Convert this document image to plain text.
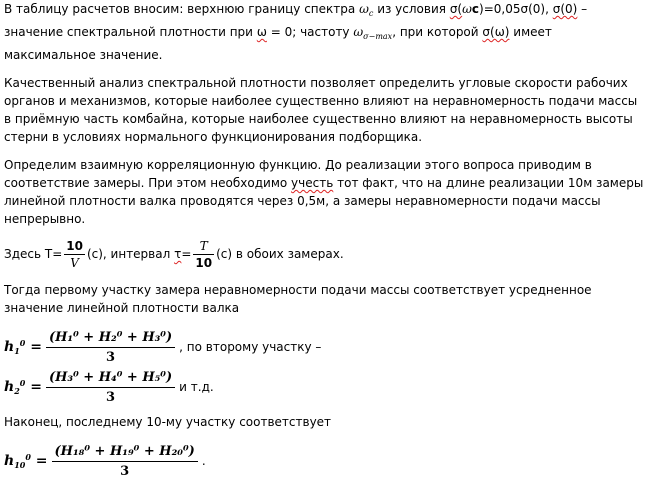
В таблицу расчетов вносим: верхнюю границу спектра $\omega_c$ из условия σ(ωc)=0,05σ(0), σ(0) – значение спектральной плотности при ω = 0; частоту $\omega_{\sigma-max}$, при которой σ(ω) имеет максимальное значение.

Качественный анализ спектральной плотности позволяет определить угловые скорости рабочих органов и механизмов, которые наиболее существенно влияют на неравномерность подачи массы в приёмную часть комбайна, которые наиболее существенно влияют на неравномерность высоты стерни в условиях нормального функционирования подборщика.

Определим взаимную корреляционную функцию. До реализации этого вопроса приводим в соответствие замеры. При этом необходимо учесть тот факт, что на длине реализации 10м замеры линейной плотности валка проводятся через 0,5м, а замеры неравномерности подачи массы непрерывно.

Здесь $Т= \frac{10}{V} (с)$, интервал $\tau= \frac{T}{10} (с)$ в обоих замерах.

Тогда первому участку замера неравномерности подачи массы соответствует усредненное значение линейной плотности валка

$h_1^0 = \frac{\text{(H₁⁰ + H₂⁰ + H₃⁰)}}{3}$ , по второму участку –
$h_2^0 = \frac{\text{(H₃⁰ + H₄⁰ + H₅⁰)}}{3}$ и т.д.

Наконец, последнему 10-му участку соответствует

$h_{10}^0 = \frac{\text{(H₁₈⁰ + H₁₉⁰ + H₂₀⁰)}}{3}$ .
